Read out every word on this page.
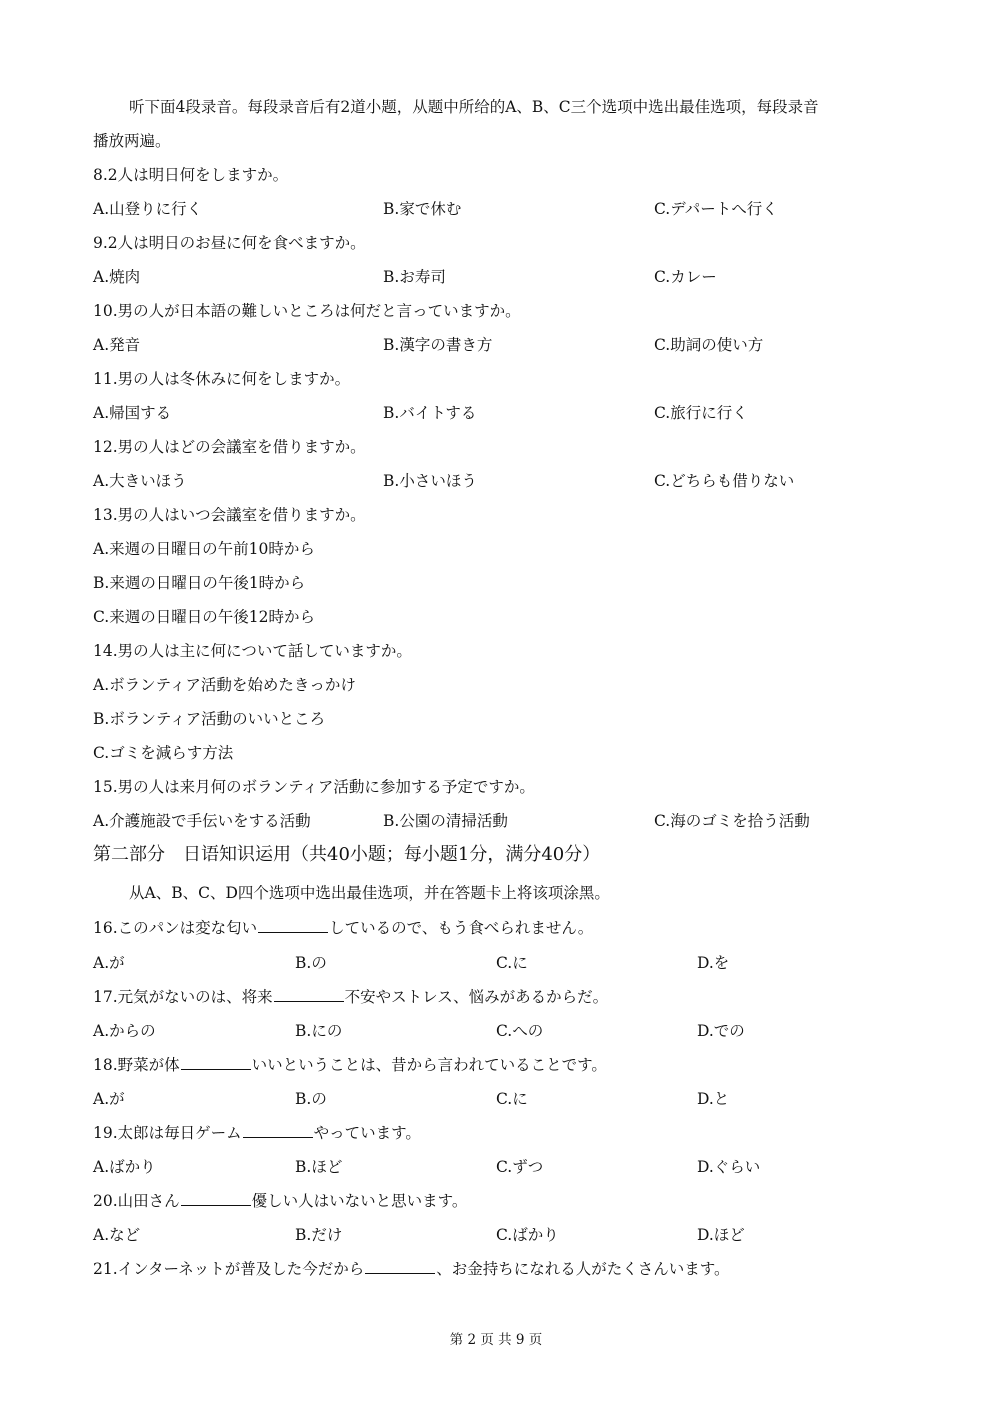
听下面4段录音。每段录音后有2道小题，从题中所给的A、B、C三个选项中选出最佳选项，每段录音
播放两遍。
8.2人は明日何をしますか。
A.山登りに行く	B.家で休む	C.デパートへ行く
9.2人は明日のお昼に何を食べますか。
A.焼肉	B.お寿司	C.カレー
10.男の人が日本語の難しいところは何だと言っていますか。
A.発音	B.漢字の書き方	C.助詞の使い方
11.男の人は冬休みに何をしますか。
A.帰国する	B.バイトする	C.旅行に行く
12.男の人はどの会議室を借りますか。
A.大きいほう	B.小さいほう	C.どちらも借りない
13.男の人はいつ会議室を借りますか。
A.来週の日曜日の午前10時から
B.来週の日曜日の午後1時から
C.来週の日曜日の午後12時から
14.男の人は主に何について話していますか。
A.ボランティア活動を始めたきっかけ
B.ボランティア活動のいいところ
C.ゴミを減らす方法
15.男の人は来月何のボランティア活動に参加する予定ですか。
A.介護施設で手伝いをする活動	B.公園の清掃活動	C.海のゴミを拾う活動
第二部分　日语知识运用（共40小题；每小题1分，满分40分）
从A、B、C、D四个选项中选出最佳选项，并在答题卡上将该项涂黑。
16.このパンは変な匂い	しているので、もう食べられません。
A.が	B.の	C.に	D.を
17.元気がないのは、将来	不安やストレス、悩みがあるからだ。
A.からの	B.にの	C.への	D.での
18.野菜が体	いいということは、昔から言われていることです。
A.が	B.の	C.に	D.と
19.太郎は毎日ゲーム	やっています。
A.ばかり	B.ほど	C.ずつ	D.ぐらい
20.山田さん	優しい人はいないと思います。
A.など	B.だけ	C.ばかり	D.ほど
21.インターネットが普及した今だから	、お金持ちになれる人がたくさんいます。
第 2 页 共 9 页
